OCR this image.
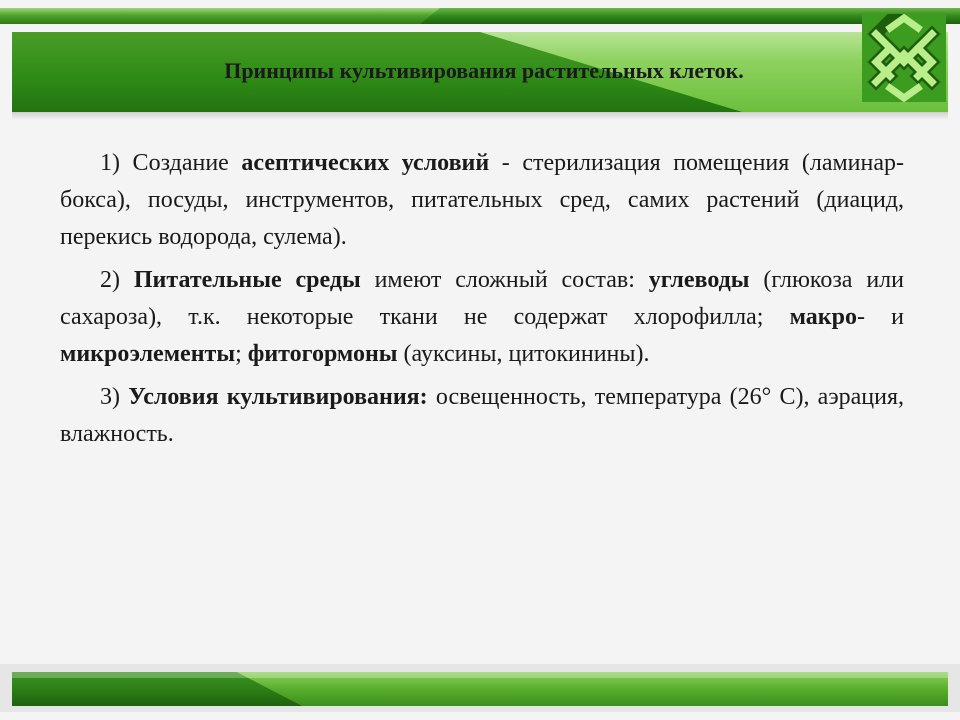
Принципы культивирования растительных клеток.

1) Создание асептических условий - стерилизация помещения (ламинар-бокса), посуды, инструментов, питательных сред, самих растений (диацид, перекись водорода, сулема).

2) Питательные среды имеют сложный состав: углеводы (глюкоза или сахароза), т.к. некоторые ткани не содержат хлорофилла; макро- и микроэлементы; фитогормоны (ауксины, цитокинины).

3) Условия культивирования: освещенность, температура (26° С), аэрация, влажность.
